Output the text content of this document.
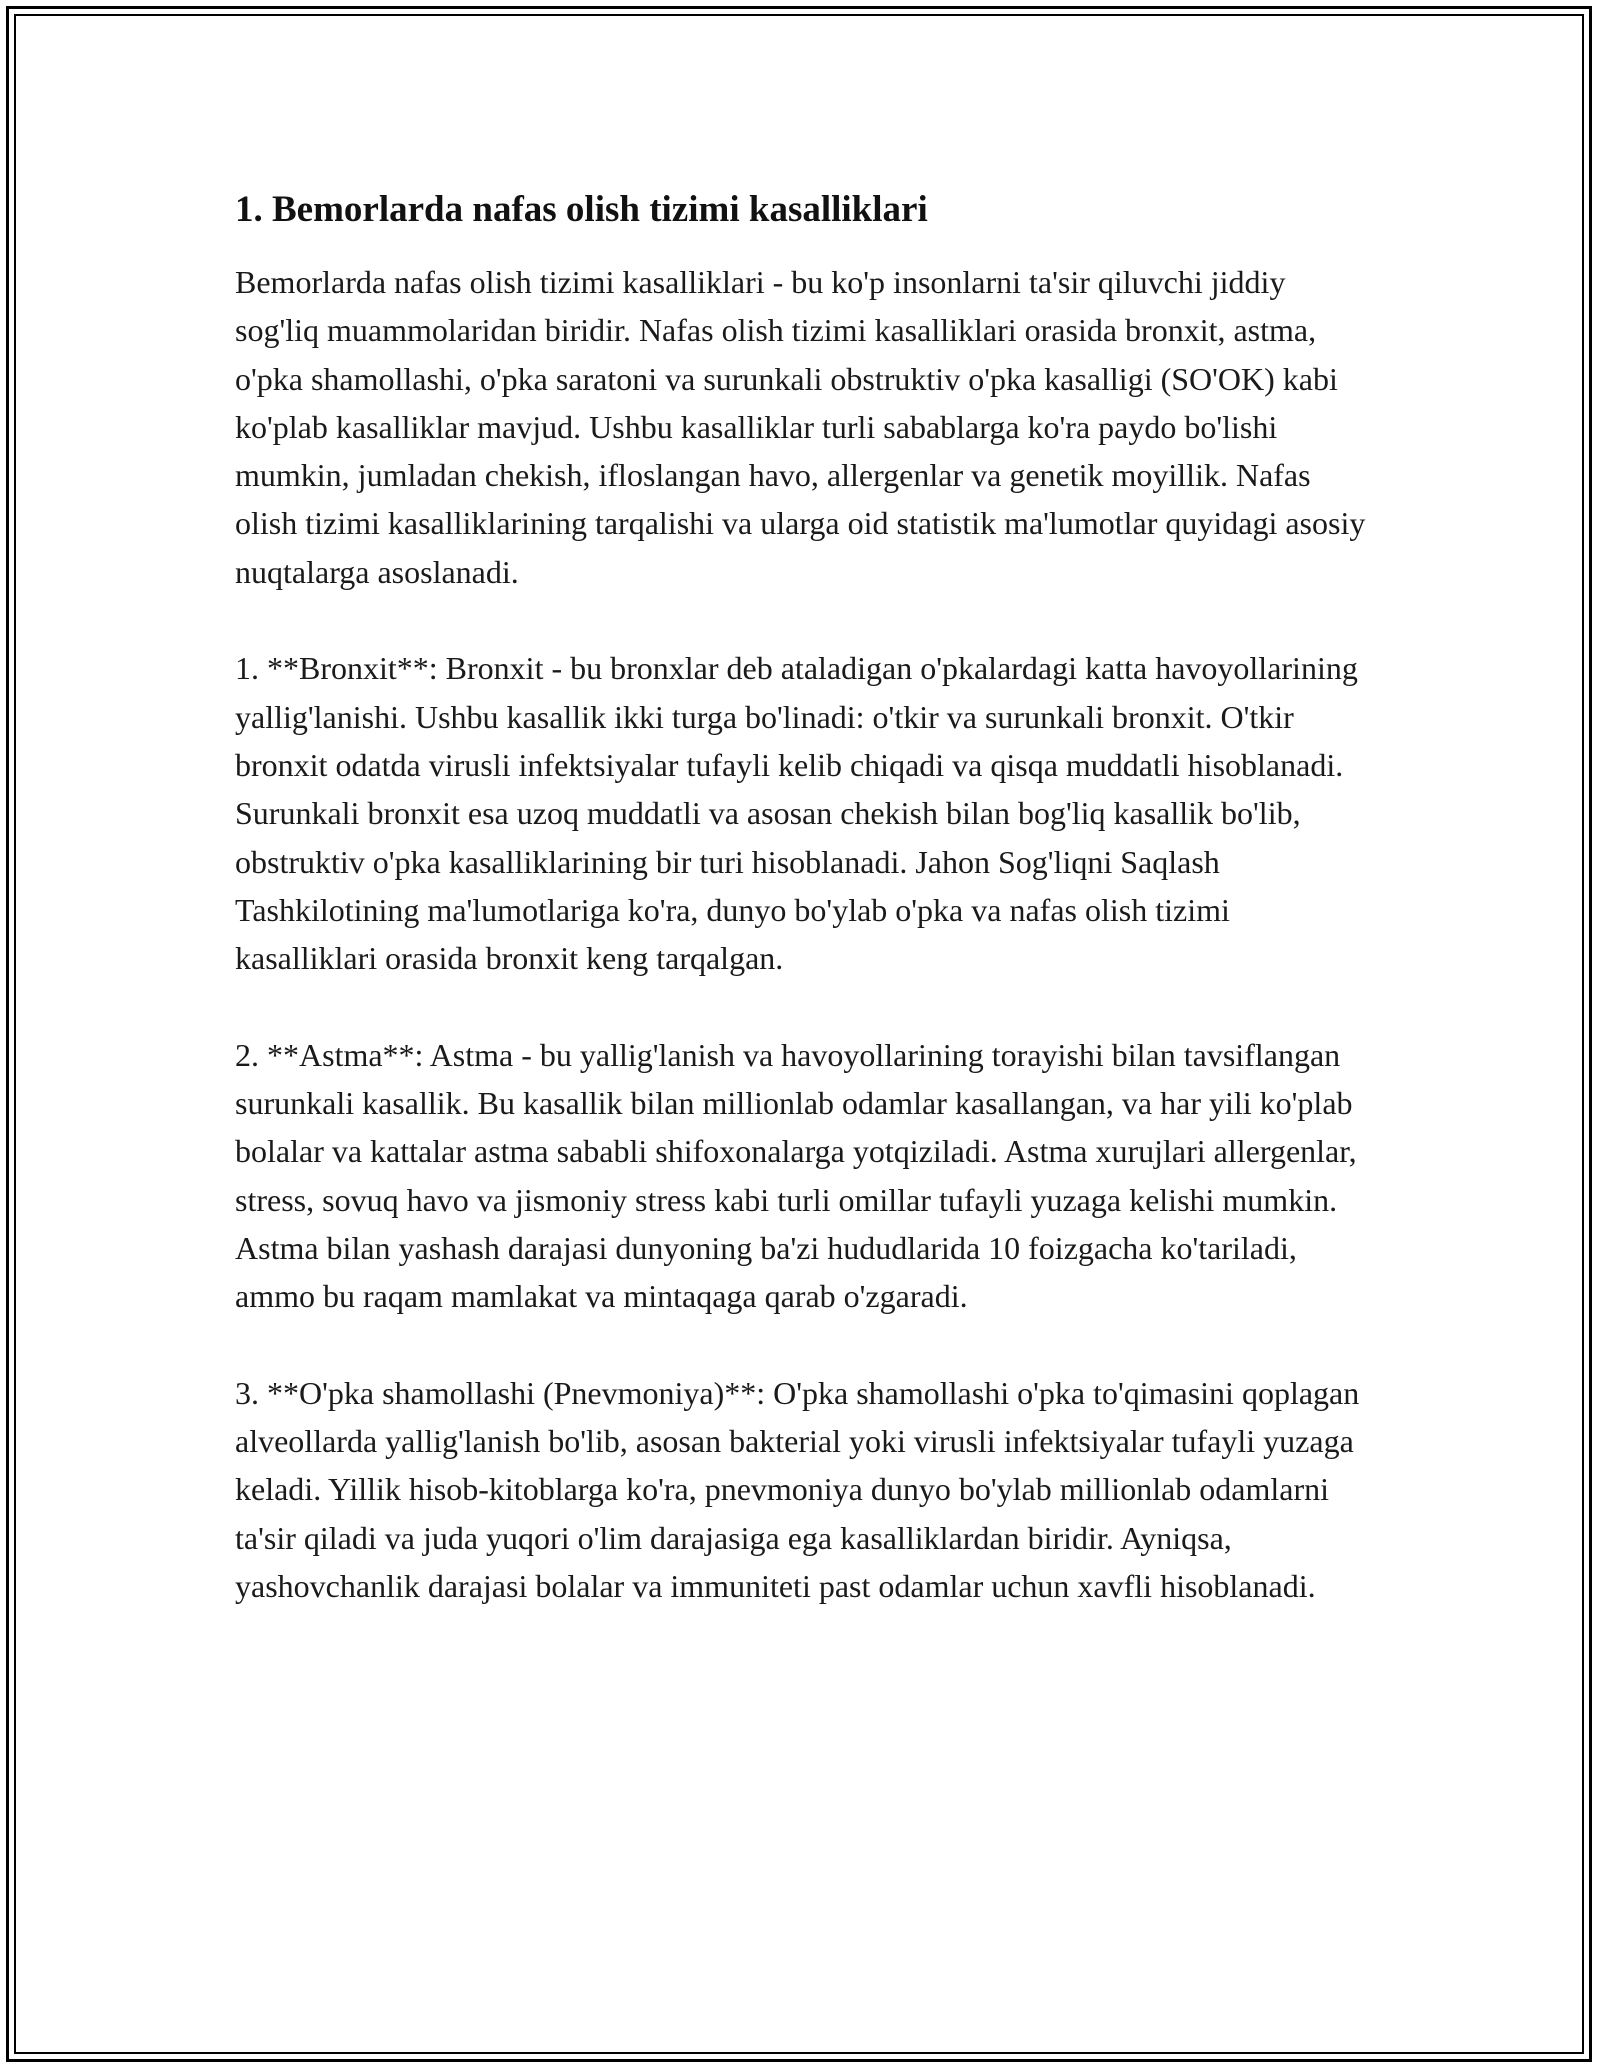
1. Bemorlarda nafas olish tizimi kasalliklari

Bemorlarda nafas olish tizimi kasalliklari - bu ko'p insonlarni ta'sir qiluvchi jiddiy sog'liq muammolaridan biridir. Nafas olish tizimi kasalliklari orasida bronxit, astma, o'pka shamollashi, o'pka saratoni va surunkali obstruktiv o'pka kasalligi (SO'OK) kabi ko'plab kasalliklar mavjud. Ushbu kasalliklar turli sabablarga ko'ra paydo bo'lishi mumkin, jumladan chekish, ifloslangan havo, allergenlar va genetik moyillik. Nafas olish tizimi kasalliklarining tarqalishi va ularga oid statistik ma'lumotlar quyidagi asosiy nuqtalarga asoslanadi.

1. **Bronxit**: Bronxit - bu bronxlar deb ataladigan o'pkalardagi katta havoyollarining yallig'lanishi. Ushbu kasallik ikki turga bo'linadi: o'tkir va surunkali bronxit. O'tkir bronxit odatda virusli infektsiyalar tufayli kelib chiqadi va qisqa muddatli hisoblanadi. Surunkali bronxit esa uzoq muddatli va asosan chekish bilan bog'liq kasallik bo'lib, obstruktiv o'pka kasalliklarining bir turi hisoblanadi. Jahon Sog'liqni Saqlash Tashkilotining ma'lumotlariga ko'ra, dunyo bo'ylab o'pka va nafas olish tizimi kasalliklari orasida bronxit keng tarqalgan.

2. **Astma**: Astma - bu yallig'lanish va havoyollarining torayishi bilan tavsiflangan surunkali kasallik. Bu kasallik bilan millionlab odamlar kasallangan, va har yili ko'plab bolalar va kattalar astma sababli shifoxonalarga yotqiziladi. Astma xurujlari allergenlar, stress, sovuq havo va jismoniy stress kabi turli omillar tufayli yuzaga kelishi mumkin. Astma bilan yashash darajasi dunyoning ba'zi hududlarida 10 foizgacha ko'tariladi, ammo bu raqam mamlakat va mintaqaga qarab o'zgaradi.

3. **O'pka shamollashi (Pnevmoniya)**: O'pka shamollashi o'pka to'qimasini qoplagan alveollarda yallig'lanish bo'lib, asosan bakterial yoki virusli infektsiyalar tufayli yuzaga keladi. Yillik hisob-kitoblarga ko'ra, pnevmoniya dunyo bo'ylab millionlab odamlarni ta'sir qiladi va juda yuqori o'lim darajasiga ega kasalliklardan biridir. Ayniqsa, yashovchanlik darajasi bolalar va immuniteti past odamlar uchun xavfli hisoblanadi.
